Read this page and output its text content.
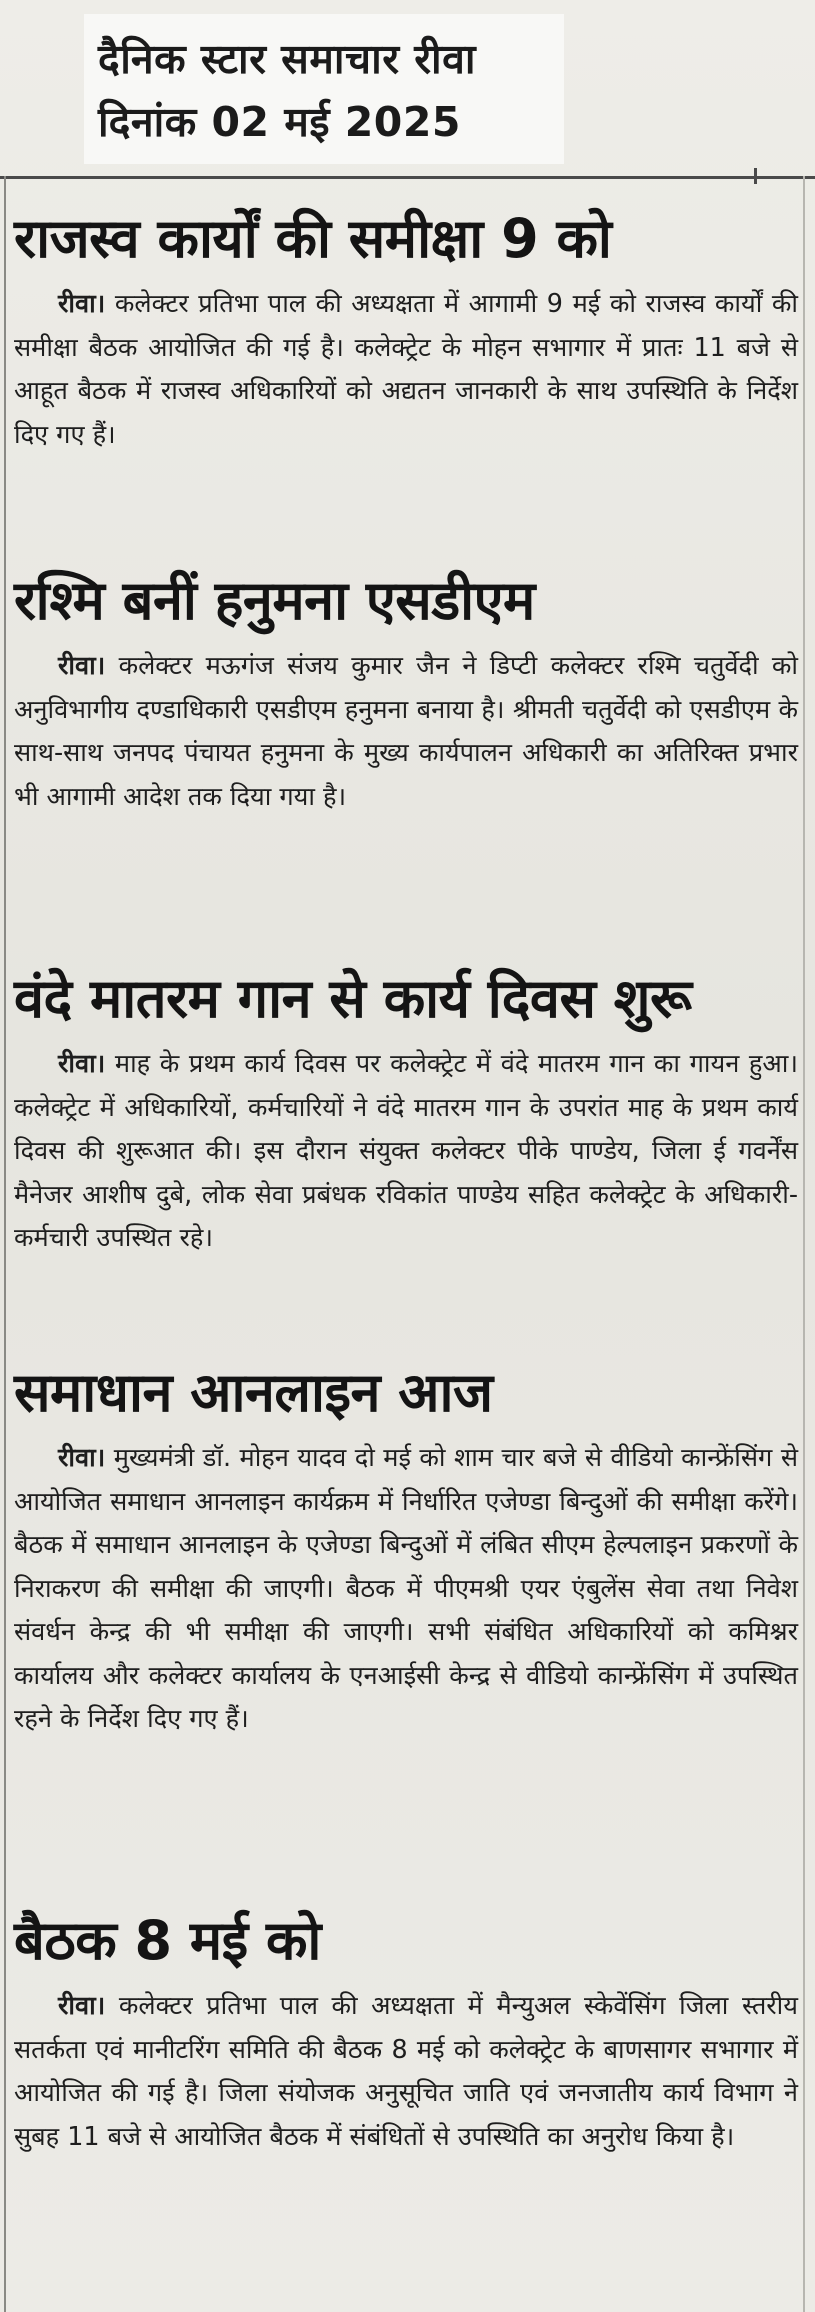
दैनिक स्टार समाचार रीवा
दिनांक 02 मई 2025
राजस्व कार्यों की समीक्षा 9 को
रीवा। कलेक्टर प्रतिभा पाल की अध्यक्षता में आगामी 9 मई को राजस्व कार्यों की समीक्षा बैठक आयोजित की गई है। कलेक्ट्रेट के मोहन सभागार में प्रातः 11 बजे से आहूत बैठक में राजस्व अधिकारियों को अद्यतन जानकारी के साथ उपस्थिति के निर्देश दिए गए हैं।
रश्मि बनीं हनुमना एसडीएम
रीवा। कलेक्टर मऊगंज संजय कुमार जैन ने डिप्टी कलेक्टर रश्मि चतुर्वेदी को अनुविभागीय दण्डाधिकारी एसडीएम हनुमना बनाया है। श्रीमती चतुर्वेदी को एसडीएम के साथ-साथ जनपद पंचायत हनुमना के मुख्य कार्यपालन अधिकारी का अतिरिक्त प्रभार भी आगामी आदेश तक दिया गया है।
वंदे मातरम गान से कार्य दिवस शुरू
रीवा। माह के प्रथम कार्य दिवस पर कलेक्ट्रेट में वंदे मातरम गान का गायन हुआ। कलेक्ट्रेट में अधिकारियों, कर्मचारियों ने वंदे मातरम गान के उपरांत माह के प्रथम कार्य दिवस की शुरूआत की। इस दौरान संयुक्त कलेक्टर पीके पाण्डेय, जिला ई गवर्नेंस मैनेजर आशीष दुबे, लोक सेवा प्रबंधक रविकांत पाण्डेय सहित कलेक्ट्रेट के अधिकारी-कर्मचारी उपस्थित रहे।
समाधान आनलाइन आज
रीवा। मुख्यमंत्री डॉ. मोहन यादव दो मई को शाम चार बजे से वीडियो कान्फ्रेंसिंग से आयोजित समाधान आनलाइन कार्यक्रम में निर्धारित एजेण्डा बिन्दुओं की समीक्षा करेंगे। बैठक में समाधान आनलाइन के एजेण्डा बिन्दुओं में लंबित सीएम हेल्पलाइन प्रकरणों के निराकरण की समीक्षा की जाएगी। बैठक में पीएमश्री एयर एंबुलेंस सेवा तथा निवेश संवर्धन केन्द्र की भी समीक्षा की जाएगी। सभी संबंधित अधिकारियों को कमिश्नर कार्यालय और कलेक्टर कार्यालय के एनआईसी केन्द्र से वीडियो कान्फ्रेंसिंग में उपस्थित रहने के निर्देश दिए गए हैं।
बैठक 8 मई को
रीवा। कलेक्टर प्रतिभा पाल की अध्यक्षता में मैन्युअल स्केवेंसिंग जिला स्तरीय सतर्कता एवं मानीटरिंग समिति की बैठक 8 मई को कलेक्ट्रेट के बाणसागर सभागार में आयोजित की गई है। जिला संयोजक अनुसूचित जाति एवं जनजातीय कार्य विभाग ने सुबह 11 बजे से आयोजित बैठक में संबंधितों से उपस्थिति का अनुरोध किया है।
